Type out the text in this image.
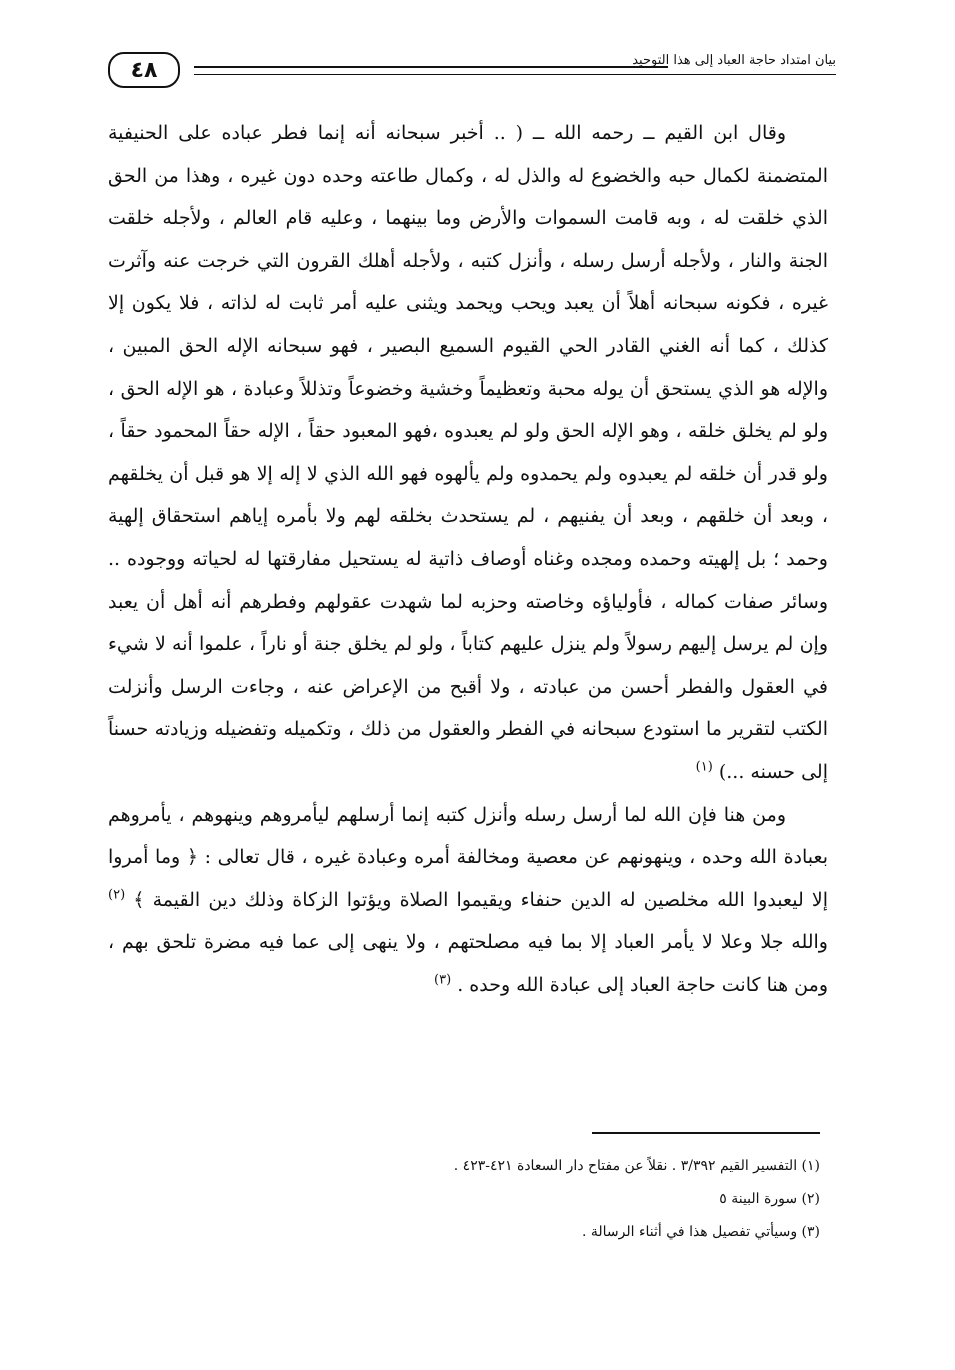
٤٨	بيان امتداد حاجة العباد إلى هذا التوحيد

وقال ابن القيم ــ رحمه الله ــ ( .. أخبر سبحانه أنه إنما فطر عباده على الحنيفية المتضمنة لكمال حبه والخضوع له والذل له ، وكمال طاعته وحده دون غيره ، وهذا من الحق الذي خلقت له ، وبه قامت السموات والأرض وما بينهما ، وعليه قام العالم ، ولأجله خلقت الجنة والنار ، ولأجله أرسل رسله ، وأنزل كتبه ، ولأجله أهلك القرون التي خرجت عنه وآثرت غيره ، فكونه سبحانه أهلاً أن يعبد ويحب ويحمد ويثنى عليه أمر ثابت له لذاته ، فلا يكون إلا كذلك ، كما أنه الغني القادر الحي القيوم السميع البصير ، فهو سبحانه الإله الحق المبين ، والإله هو الذي يستحق أن يوله محبة وتعظيماً وخشية وخضوعاً وتذللاً وعبادة ، هو الإله الحق ، ولو لم يخلق خلقه ، وهو الإله الحق ولو لم يعبدوه ،فهو المعبود حقاً ، الإله حقاً المحمود حقاً ، ولو قدر أن خلقه لم يعبدوه ولم يحمدوه ولم يألهوه فهو الله الذي لا إله إلا هو قبل أن يخلقهم ، وبعد أن خلقهم ، وبعد أن يفنيهم ، لم يستحدث بخلقه لهم ولا بأمره إياهم استحقاق إلهية وحمد ؛ بل إلهيته وحمده ومجده وغناه أوصاف ذاتية له يستحيل مفارقتها له لحياته ووجوده .. وسائر صفات كماله ، فأولياؤه وخاصته وحزبه لما شهدت عقولهم وفطرهم أنه أهل أن يعبد وإن لم يرسل إليهم رسولاً ولم ينزل عليهم كتاباً ، ولو لم يخلق جنة أو ناراً ، علموا أنه لا شيء في العقول والفطر أحسن من عبادته ، ولا أقبح من الإعراض عنه ، وجاءت الرسل وأنزلت الكتب لتقرير ما استودع سبحانه في الفطر والعقول من ذلك ، وتكميله وتفضيله وزيادته حسناً إلى حسنه ...) $^{(١)}$

ومن هنا فإن الله لما أرسل رسله وأنزل كتبه إنما أرسلهم ليأمروهم وينهوهم ، يأمروهم بعبادة الله وحده ، وينهونهم عن معصية ومخالفة أمره وعبادة غيره ، قال تعالى : ﴿ وما أمروا إلا ليعبدوا الله مخلصين له الدين حنفاء ويقيموا الصلاة ويؤتوا الزكاة وذلك دين القيمة ﴾ $^{(٢)}$ والله جلا وعلا لا يأمر العباد إلا بما فيه مصلحتهم ، ولا ينهى إلى عما فيه مضرة تلحق بهم ، ومن هنا كانت حاجة العباد إلى عبادة الله وحده . $^{(٣)}$

(١) التفسير القيم ٣/٣٩٢ . نقلاً عن مفتاح دار السعادة ٤٢١-٤٢٣ .
(٢) سورة البينة ٥
(٣) وسيأتي تفصيل هذا في أثناء الرسالة .
